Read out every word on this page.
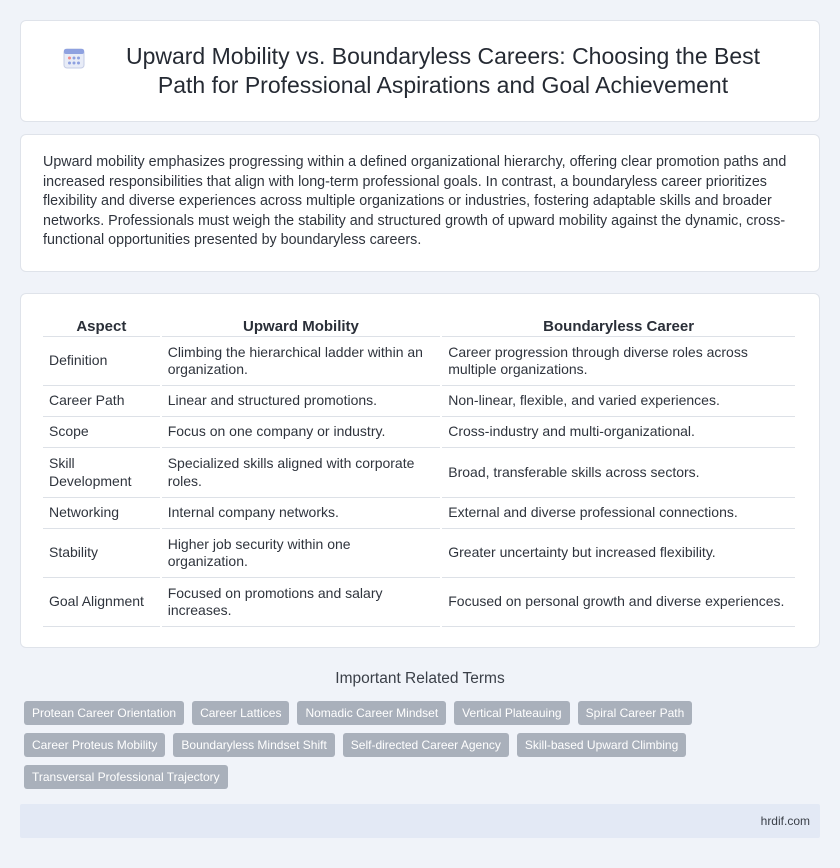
Upward Mobility vs. Boundaryless Careers: Choosing the Best Path for Professional Aspirations and Goal Achievement

Upward mobility emphasizes progressing within a defined organizational hierarchy, offering clear promotion paths and increased responsibilities that align with long-term professional goals. In contrast, a boundaryless career prioritizes flexibility and diverse experiences across multiple organizations or industries, fostering adaptable skills and broader networks. Professionals must weigh the stability and structured growth of upward mobility against the dynamic, cross-functional opportunities presented by boundaryless careers.

Aspect	Upward Mobility	Boundaryless Career
Definition	Climbing the hierarchical ladder within an organization.	Career progression through diverse roles across multiple organizations.
Career Path	Linear and structured promotions.	Non-linear, flexible, and varied experiences.
Scope	Focus on one company or industry.	Cross-industry and multi-organizational.
Skill Development	Specialized skills aligned with corporate roles.	Broad, transferable skills across sectors.
Networking	Internal company networks.	External and diverse professional connections.
Stability	Higher job security within one organization.	Greater uncertainty but increased flexibility.
Goal Alignment	Focused on promotions and salary increases.	Focused on personal growth and diverse experiences.
Important Related Terms
Protean Career Orientation	Career Lattices	Nomadic Career Mindset	Vertical Plateauing	Spiral Career Path
Career Proteus Mobility	Boundaryless Mindset Shift	Self-directed Career Agency	Skill-based Upward Climbing
Transversal Professional Trajectory
hrdif.com
